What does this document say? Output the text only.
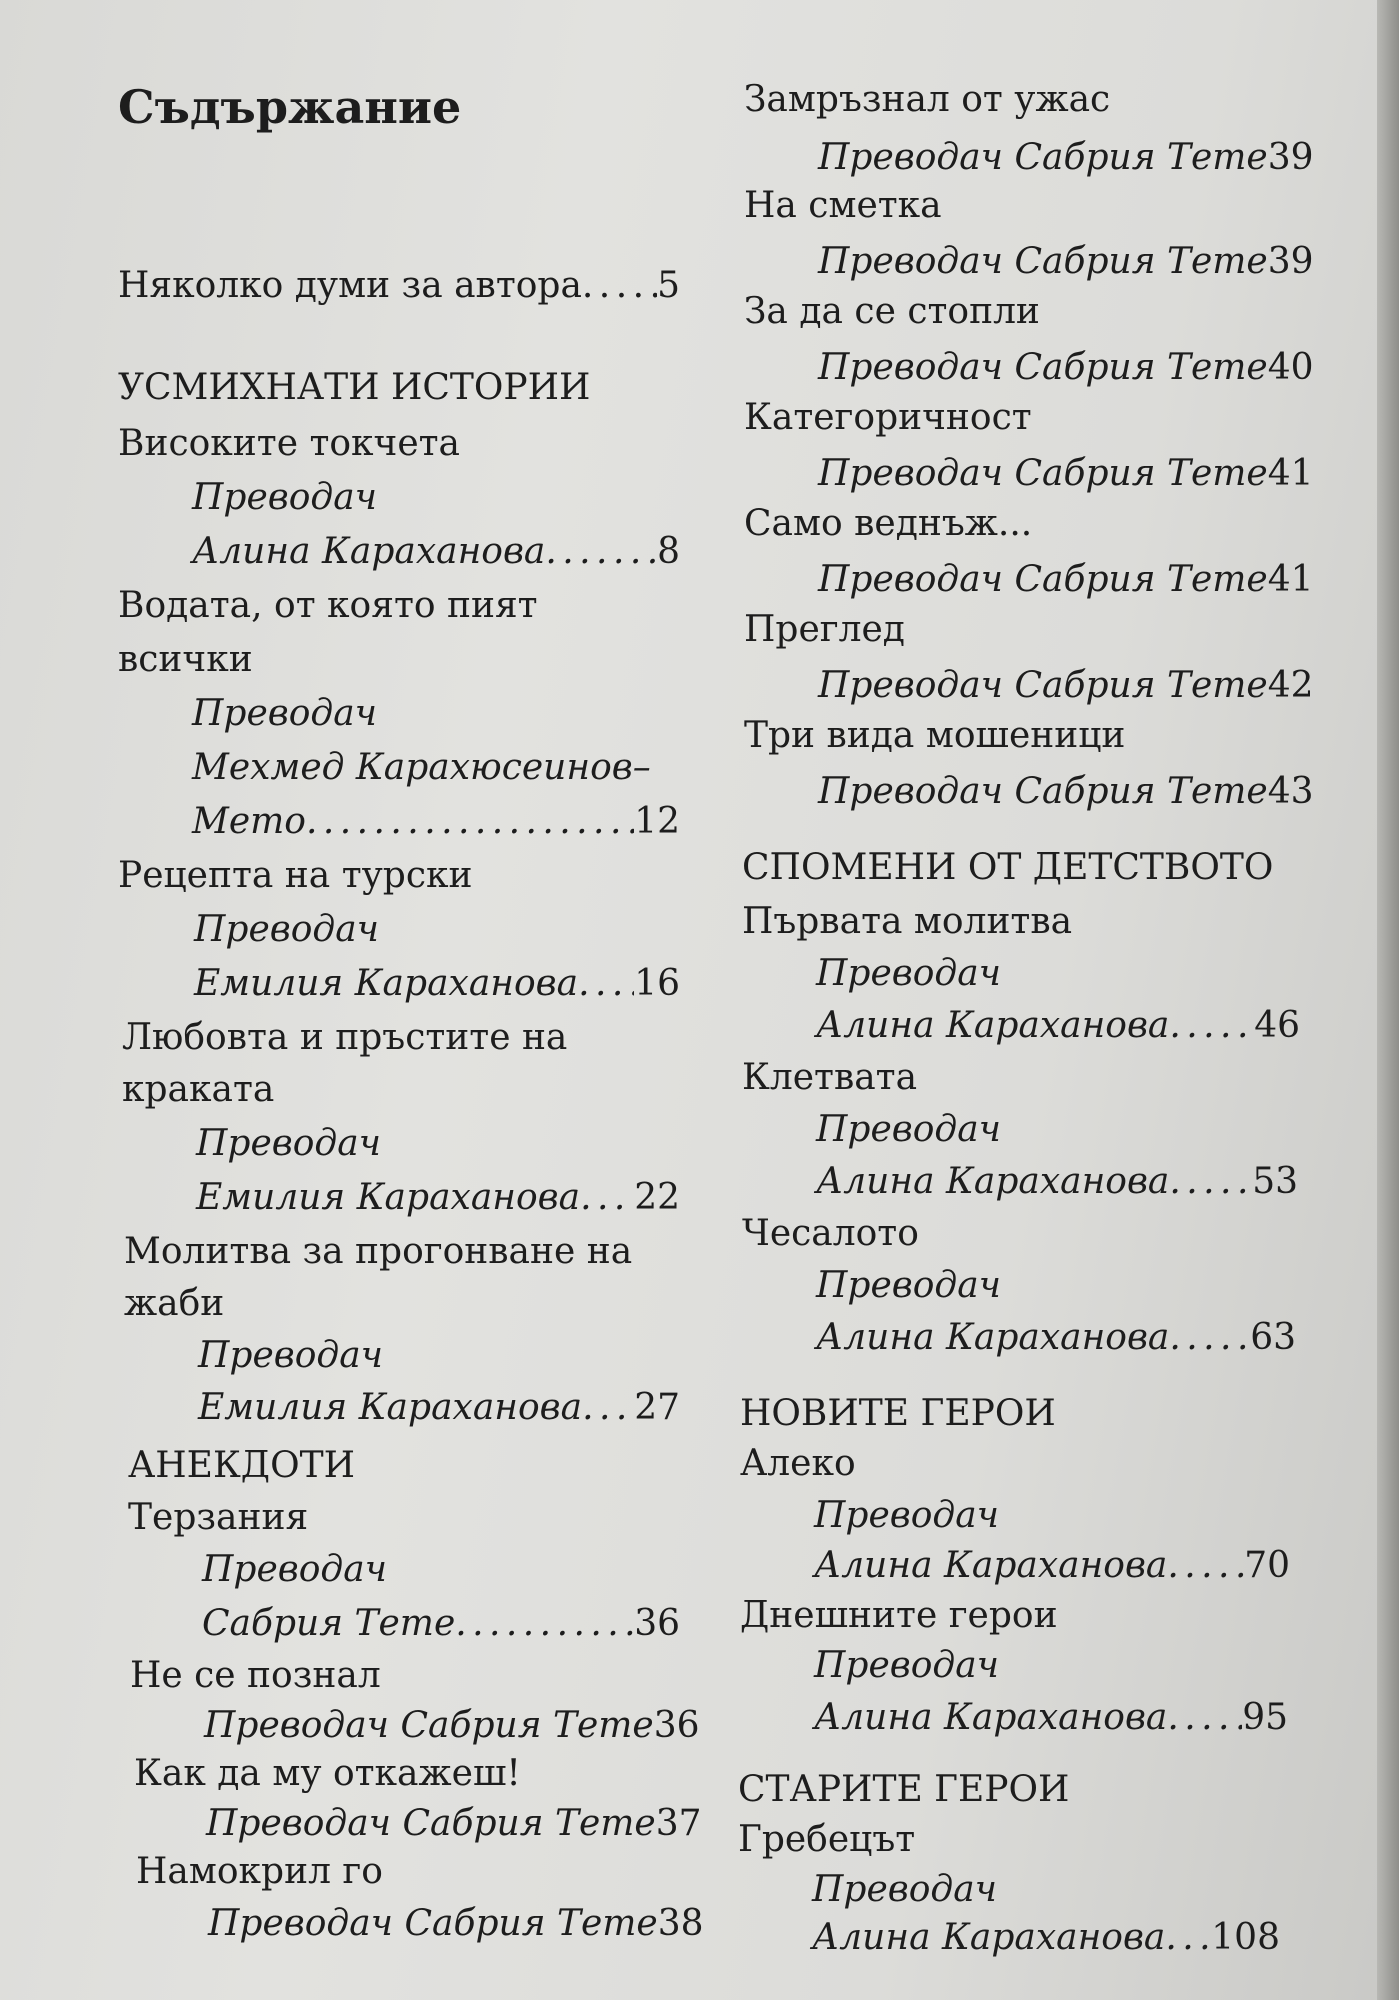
Съдържание
Няколко думи за автора . . . 5
УСМИХНАТИ ИСТОРИИ
Високите токчета
Преводач
Алина Караханова . . .	8
Водата, от която пият
всички
Преводач
Мехмед Карахюсеинов–
Мето . . .	12
Рецепта на турски
Преводач
Емилия Караханова . . . 16
Любовта и пръстите на
краката
Преводач
Емилия Караханова . . . 22
Молитва за прогонване на
жаби
Преводач
Емилия Караханова . . . 27
АНЕКДОТИ
Терзания
Преводач
Сабрия Тете . . .	36
Не се познал
Преводач Сабрия Тете 36
Как да му откажеш!
Преводач Сабрия Тете 37
Намокрил го
Преводач Сабрия Тете 38
Замръзнал от ужас
Преводач Сабрия Тете 39
На сметка
Преводач Сабрия Тете 39
За да се стопли
Преводач Сабрия Тете 40
Категоричност
Преводач Сабрия Тете 41
Само веднъж...
Преводач Сабрия Тете 41
Преглед
Преводач Сабрия Тете 42
Три вида мошеници
Преводач Сабрия Тете 43
СПОМЕНИ ОТ ДЕТСТВОТО
Първата молитва
Преводач
Алина Караханова . . . 46
Клетвата
Преводач
Алина Караханова . . . 53
Чесалото
Преводач
Алина Караханова . . . 63
НОВИТЕ ГЕРОИ
Алеко
Преводач
Алина Караханова . . . 70
Днешните герои
Преводач
Алина Караханова . . . 95
СТАРИТЕ ГЕРОИ
Гребецът
Преводач
Алина Караханова . . . 108
